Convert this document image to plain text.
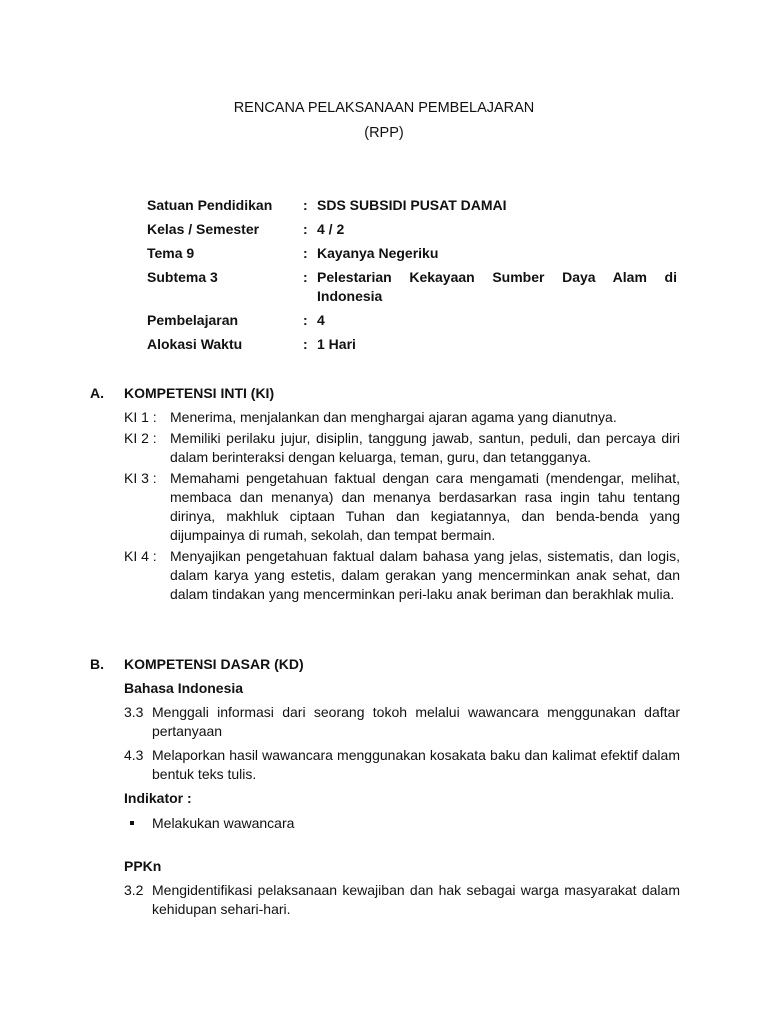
RENCANA PELAKSANAAN PEMBELAJARAN
(RPP)
Satuan Pendidikan	: SDS SUBSIDI PUSAT DAMAI
Kelas / Semester	: 4 / 2
Tema 9	: Kayanya Negeriku
Subtema 3	: Pelestarian Kekayaan Sumber Daya Alam di Indonesia
Pembelajaran	: 4
Alokasi Waktu	: 1 Hari
A.	KOMPETENSI INTI (KI)
KI 1 : Menerima, menjalankan dan menghargai ajaran agama yang dianutnya.
KI 2 : Memiliki perilaku jujur, disiplin, tanggung jawab, santun, peduli, dan percaya diri dalam berinteraksi dengan keluarga, teman, guru, dan tetangganya.
KI 3 : Memahami pengetahuan faktual dengan cara mengamati (mendengar, melihat, membaca dan menanya) dan menanya berdasarkan rasa ingin tahu tentang dirinya, makhluk ciptaan Tuhan dan kegiatannya, dan benda-benda yang dijumpainya di rumah, sekolah, dan tempat bermain.
KI 4 : Menyajikan pengetahuan faktual dalam bahasa yang jelas, sistematis, dan logis, dalam karya yang estetis, dalam gerakan yang mencerminkan anak sehat, dan dalam tindakan yang mencerminkan peri-laku anak beriman dan berakhlak mulia.
B.	KOMPETENSI DASAR (KD)
Bahasa Indonesia
3.3 Menggali informasi dari seorang tokoh melalui wawancara menggunakan daftar pertanyaan
4.3 Melaporkan hasil wawancara menggunakan kosakata baku dan kalimat efektif dalam bentuk teks tulis.
Indikator :
Melakukan wawancara
PPKn
3.2 Mengidentifikasi pelaksanaan kewajiban dan hak sebagai warga masyarakat dalam kehidupan sehari-hari.
